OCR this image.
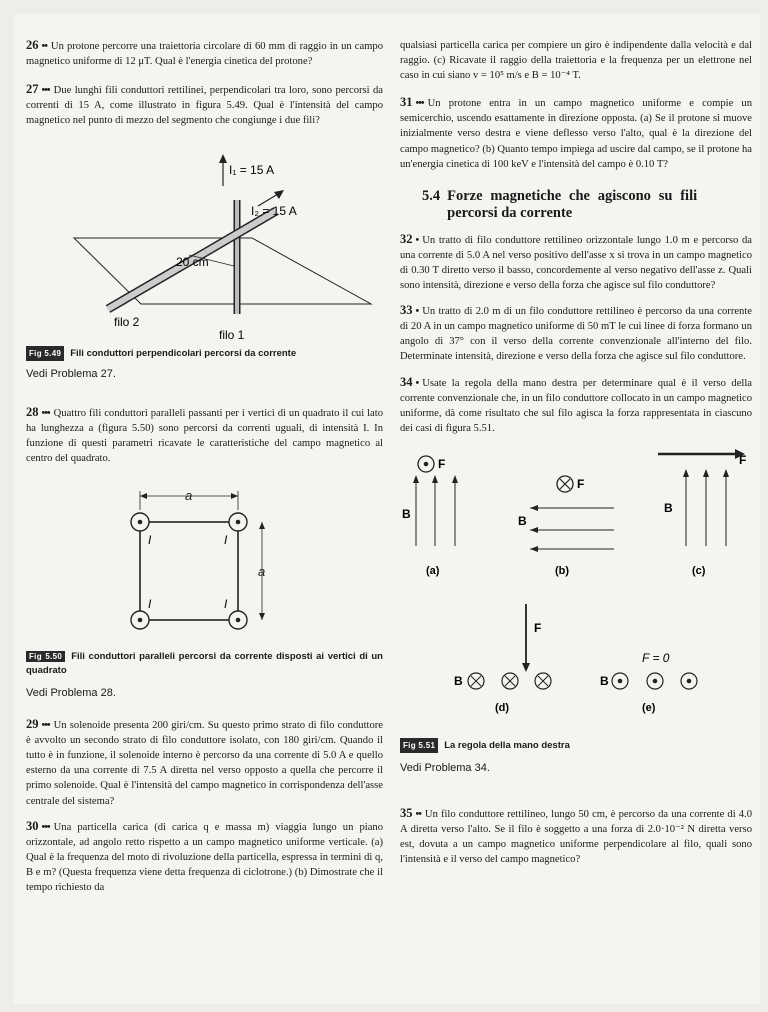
26 •• Un protone percorre una traiettoria circolare di 60 mm di raggio in un campo magnetico uniforme di 12 μT. Qual è l'energia cinetica del protone?

27 ••• Due lunghi fili conduttori rettilinei, perpendicolari tra loro, sono percorsi da correnti di 15 A, come illustrato in figura 5.49. Qual è l'intensità del campo magnetico nel punto di mezzo del segmento che congiunge i due fili?

I₁ = 15 A
I₂ = 15 A
20 cm
filo 2
filo 1
Fig 5.49 Fili conduttori perpendicolari percorsi da corrente
Vedi Problema 27.

28 ••• Quattro fili conduttori paralleli passanti per i vertici di un quadrato il cui lato ha lunghezza a (figura 5.50) sono percorsi da correnti uguali, di intensità I. In funzione di questi parametri ricavate le caratteristiche del campo magnetico al centro del quadrato.

a
a
I	I
I	I
Fig 5.50 Fili conduttori paralleli percorsi da corrente disposti ai vertici di un quadrato
Vedi Problema 28.

29 ••• Un solenoide presenta 200 giri/cm. Su questo primo strato di filo conduttore è avvolto un secondo strato di filo conduttore isolato, con 180 giri/cm. Quando il tutto è in funzione, il solenoide interno è percorso da una corrente di 5.0 A e quello esterno da una corrente di 7.5 A diretta nel verso opposto a quella che percorre il primo solenoide. Qual è l'intensità del campo magnetico in corrispondenza dell'asse centrale del sistema?

30 ••• Una particella carica (di carica q e massa m) viaggia lungo un piano orizzontale, ad angolo retto rispetto a un campo magnetico uniforme verticale. (a) Qual è la frequenza del moto di rivoluzione della particella, espressa in termini di q, B e m? (Questa frequenza viene detta frequenza di ciclotrone.) (b) Dimostrate che il tempo richiesto da

qualsiasi particella carica per compiere un giro è indipendente dalla velocità e dal raggio. (c) Ricavate il raggio della traiettoria e la frequenza per un elettrone nel caso in cui siano v = 10⁵ m/s e B = 10⁻⁴ T.

31 ••• Un protone entra in un campo magnetico uniforme e compie un semicerchio, uscendo esattamente in direzione opposta. (a) Se il protone si muove inizialmente verso destra e viene deflesso verso l'alto, qual è la direzione del campo magnetico? (b) Quanto tempo impiega ad uscire dal campo, se il protone ha un'energia cinetica di 100 keV e l'intensità del campo è 0.10 T?

5.4 Forze magnetiche che agiscono su fili percorsi da corrente

32 • Un tratto di filo conduttore rettilineo orizzontale lungo 1.0 m e percorso da una corrente di 5.0 A nel verso positivo dell'asse x si trova in un campo magnetico di 0.30 T diretto verso il basso, concordemente al verso negativo dell'asse z. Quali sono intensità, direzione e verso della forza che agisce sul filo conduttore?

33 • Un tratto di 2.0 m di un filo conduttore rettilineo è percorso da una corrente di 20 A in un campo magnetico uniforme di 50 mT le cui linee di forza formano un angolo di 37° con il verso della corrente convenzionale all'interno del filo. Determinate intensità, direzione e verso della forza che agisce sul filo conduttore.

34 • Usate la regola della mano destra per determinare qual è il verso della corrente convenzionale che, in un filo conduttore collocato in un campo magnetico uniforme, dà come risultato che sul filo agisca la forza rappresentata in ciascuno dei casi di figura 5.51.

F
B
(a)
F
B
(b)
F
B
(c)
F
B
(d)
F = 0
B
(e)
Fig 5.51 La regola della mano destra
Vedi Problema 34.

35 •• Un filo conduttore rettilineo, lungo 50 cm, è percorso da una corrente di 4.0 A diretta verso l'alto. Se il filo è soggetto a una forza di 2.0·10⁻² N diretta verso est, dovuta a un campo magnetico uniforme perpendicolare al filo, quali sono l'intensità e il verso del campo magnetico?
